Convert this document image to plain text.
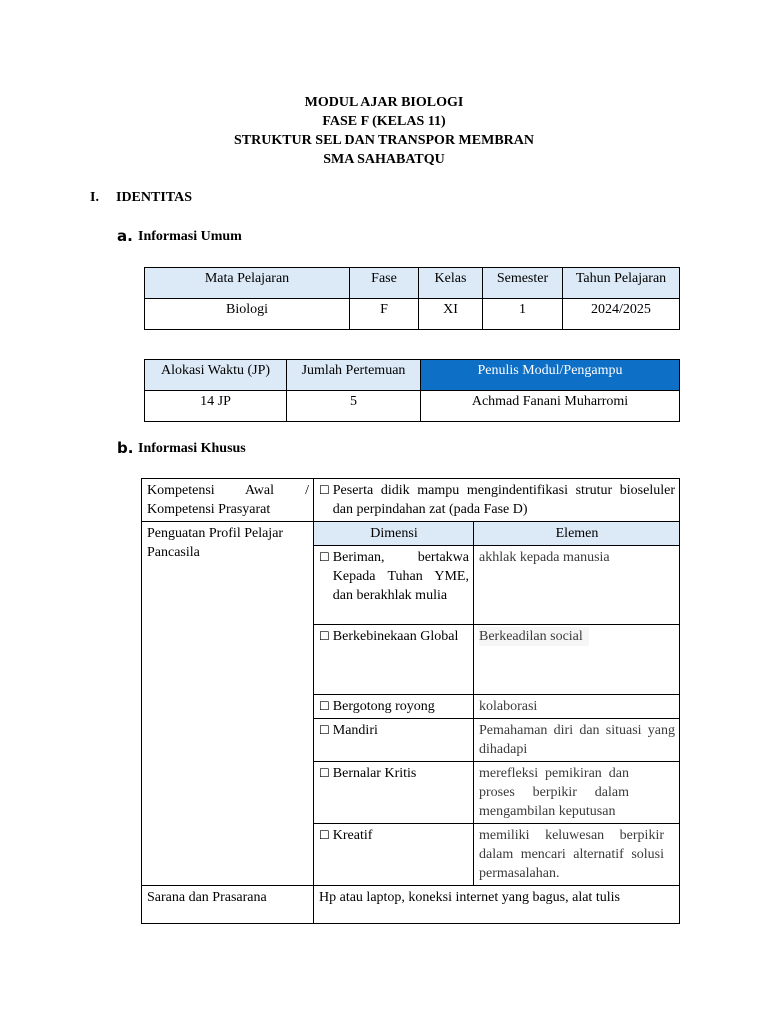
MODUL AJAR BIOLOGI
FASE F (KELAS 11)
STRUKTUR SEL DAN TRANSPOR MEMBRAN
SMA SAHABATQU
I. IDENTITAS
a. Informasi Umum
Mata Pelajaran	Fase	Kelas	Semester	Tahun Pelajaran
Biologi	F	XI	1	2024/2025
Alokasi Waktu (JP)	Jumlah Pertemuan	Penulis Modul/Pengampu
14 JP	5	Achmad Fanani Muharromi
b. Informasi Khusus
Kompetensi Awal / Kompetensi Prasyarat	☐ Peserta didik mampu mengindentifikasi strutur bioseluler dan perpindahan zat (pada Fase D)	

Penguatan Profil Pelajar Pancasila	Dimensi	Elemen

	☐ Beriman, bertakwa Kepada Tuhan YME, dan berakhlak mulia	akhlak kepada manusia
	☐ Berkebinekaan Global	Berkeadilan social
	☐ Bergotong royong	kolaborasi
	☐ Mandiri	Pemahaman diri dan situasi yang dihadapi
	☐ Bernalar Kritis	merefleksi pemikiran dan proses berpikir dalam mengambilan keputusan

	☐ Kreatif	memiliki keluwesan berpikir dalam mencari alternatif solusi permasalahan.

Sarana dan Prasarana	Hp atau laptop, koneksi internet yang bagus, alat tulis	
